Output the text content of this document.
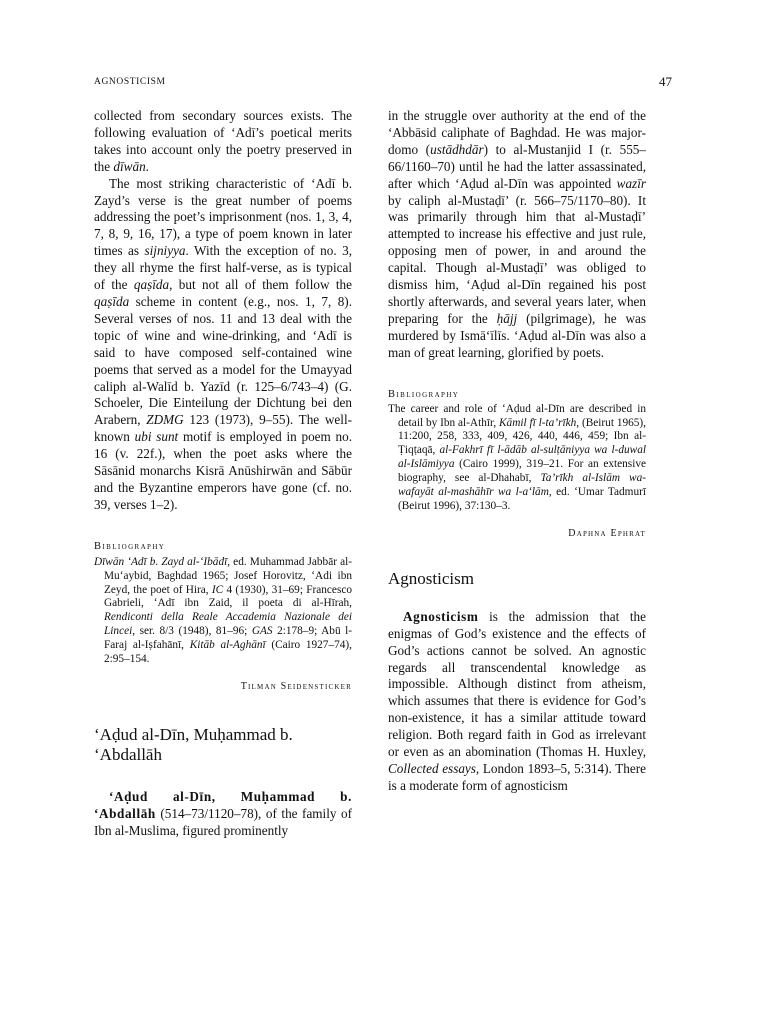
AGNOSTICISM	47

collected from secondary sources exists. The following evaluation of ‘Adī’s poetical merits takes into account only the poetry preserved in the dīwān.

The most striking characteristic of ‘Adī b. Zayd’s verse is the great number of poems addressing the poet’s imprisonment (nos. 1, 3, 4, 7, 8, 9, 16, 17), a type of poem known in later times as sijniyya. With the exception of no. 3, they all rhyme the first half-verse, as is typical of the qaṣīda, but not all of them follow the qaṣīda scheme in content (e.g., nos. 1, 7, 8). Several verses of nos. 11 and 13 deal with the topic of wine and wine-drinking, and ‘Adī is said to have composed self-contained wine poems that served as a model for the Umayyad caliph al-Walīd b. Yazīd (r. 125–6/743–4) (G. Schoeler, Die Einteilung der Dichtung bei den Arabern, ZDMG 123 (1973), 9–55). The well-known ubi sunt motif is employed in poem no. 16 (v. 22f.), when the poet asks where the Sāsānid monarchs Kisrā Anūshirwān and Sābūr and the Byzantine emperors have gone (cf. no. 39, verses 1–2).

Bibliography

Dīwān ‘Adī b. Zayd al-‘Ibādī, ed. Muhammad Jabbār al-Mu‘aybid, Baghdad 1965; Josef Horovitz, ‘Adi ibn Zeyd, the poet of Hira, IC 4 (1930), 31–69; Francesco Gabrieli, ‘Adī ibn Zaid, il poeta di al-Hīrah, Rendiconti della Reale Accademia Nazionale dei Lincei, ser. 8/3 (1948), 81–96; GAS 2:178–9; Abū l-Faraj al-Iṣfahānī, Kitāb al-Aghānī (Cairo 1927–74), 2:95–154.

Tilman Seidensticker

‘Aḍud al-Dīn, Muḥammad b. ‘Abdallāh

‘Aḍud al-Dīn, Muḥammad b. ‘Abdallāh (514–73/1120–78), of the family of Ibn al-Muslima, figured prominently

in the struggle over authority at the end of the ‘Abbāsid caliphate of Baghdad. He was major-domo (ustādhdār) to al-Mustanjid I (r. 555–66/1160–70) until he had the latter assassinated, after which ‘Aḍud al-Dīn was appointed wazīr by caliph al-Mustaḍī’ (r. 566–75/1170–80). It was primarily through him that al-Mustaḍī’ attempted to increase his effective and just rule, opposing men of power, in and around the capital. Though al-Mustaḍī’ was obliged to dismiss him, ‘Aḍud al-Dīn regained his post shortly afterwards, and several years later, when preparing for the ḥājj (pilgrimage), he was murdered by Ismā‘īlīs. ‘Aḍud al-Dīn was also a man of great learning, glorified by poets.

Bibliography

The career and role of ‘Aḍud al-Dīn are described in detail by Ibn al-Athīr, Kāmil fī l-ta’rīkh, (Beirut 1965), 11:200, 258, 333, 409, 426, 440, 446, 459; Ibn al-Ṭiqṭaqā, al-Fakhrī fī l-ādāb al-sulṭāniyya wa l-duwal al-Islāmiyya (Cairo 1999), 319–21. For an extensive biography, see al-Dhahabī, Ta’rīkh al-Islām wa-wafayāt al-mashāhīr wa l-a‘lām, ed. ‘Umar Tadmurī (Beirut 1996), 37:130–3.

Daphna Ephrat

Agnosticism

Agnosticism is the admission that the enigmas of God’s existence and the effects of God’s actions cannot be solved. An agnostic regards all transcendental knowledge as impossible. Although distinct from atheism, which assumes that there is evidence for God’s non-existence, it has a similar attitude toward religion. Both regard faith in God as irrelevant or even as an abomination (Thomas H. Huxley, Collected essays, London 1893–5, 5:314). There is a moderate form of agnosticism
